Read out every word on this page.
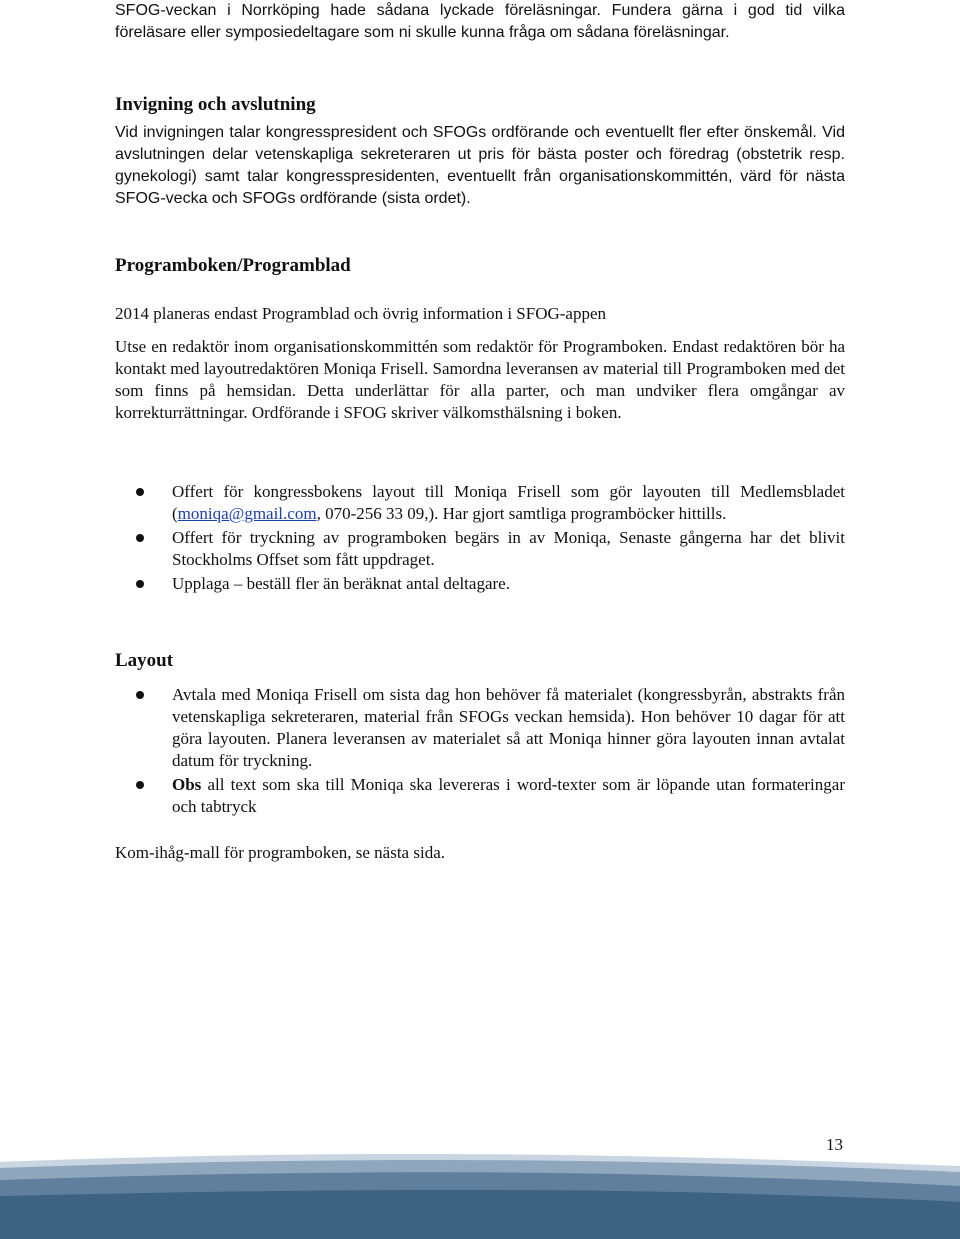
SFOG-veckan i Norrköping hade sådana lyckade föreläsningar. Fundera gärna i god tid vilka föreläsare eller symposiedeltagare som ni skulle kunna fråga om sådana föreläsningar.

Invigning och avslutning

Vid invigningen talar kongresspresident och SFOGs ordförande och eventuellt fler efter önskemål. Vid avslutningen delar vetenskapliga sekreteraren ut pris för bästa poster och föredrag (obstetrik resp. gynekologi) samt talar kongresspresidenten, eventuellt från organisationskommittén, värd för nästa SFOG-vecka och SFOGs ordförande (sista ordet).

Programboken/Programblad

2014 planeras endast Programblad och övrig information i SFOG-appen

Utse en redaktör inom organisationskommittén som redaktör för Programboken. Endast redaktören bör ha kontakt med layoutredaktören Moniqa Frisell. Samordna leveransen av material till Programboken med det som finns på hemsidan. Detta underlättar för alla parter, och man undviker flera omgångar av korrekturrättningar. Ordförande i SFOG skriver välkomsthälsning i boken.

Offert för kongressbokens layout till Moniqa Frisell som gör layouten till Medlemsbladet (moniqa@gmail.com, 070-256 33 09,). Har gjort samtliga programböcker hittills.
Offert för tryckning av programboken begärs in av Moniqa, Senaste gångerna har det blivit Stockholms Offset som fått uppdraget.
Upplaga – beställ fler än beräknat antal deltagare.
Layout
Avtala med Moniqa Frisell om sista dag hon behöver få materialet (kongressbyrån, abstrakts från vetenskapliga sekreteraren, material från SFOGs veckan hemsida). Hon behöver 10 dagar för att göra layouten. Planera leveransen av materialet så att Moniqa hinner göra layouten innan avtalat datum för tryckning.
Obs all text som ska till Moniqa ska levereras i word-texter som är löpande utan formateringar och tabtryck

Kom-ihåg-mall för programboken, se nästa sida.

13
